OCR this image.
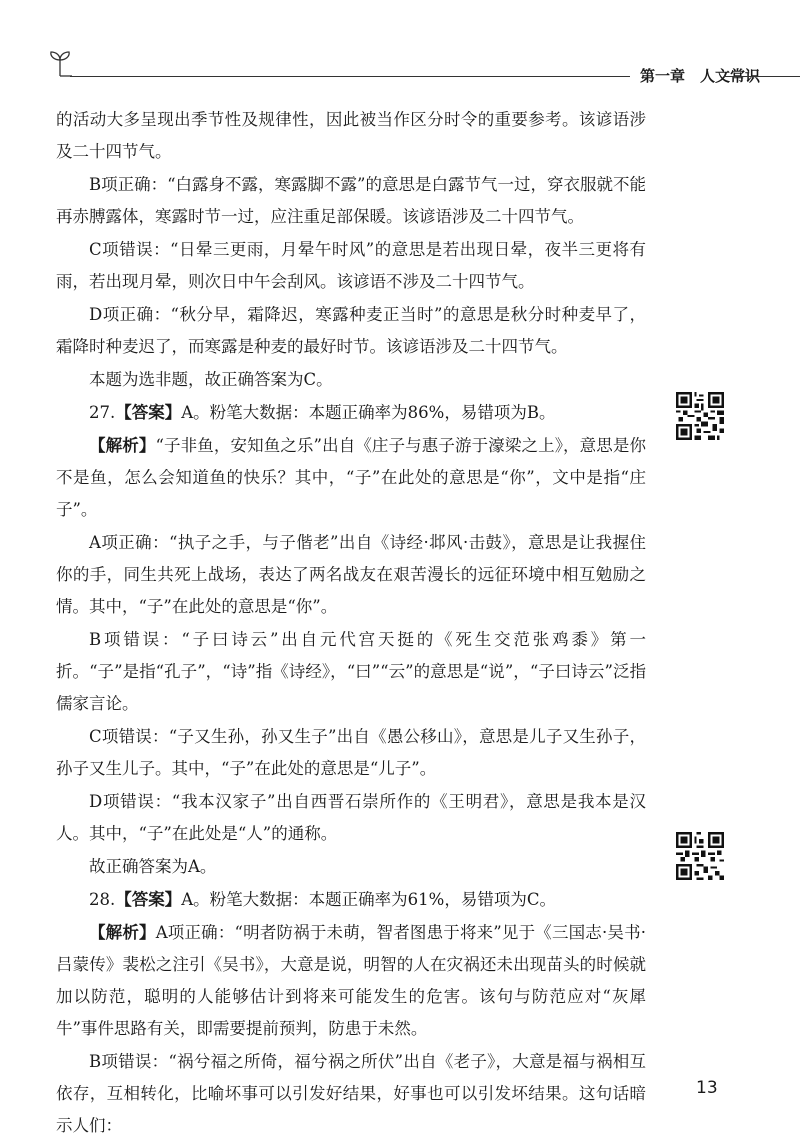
第一章　人文常识

的活动大多呈现出季节性及规律性，因此被当作区分时令的重要参考。该谚语涉及二十四节气。

B项正确：“白露身不露，寒露脚不露”的意思是白露节气一过，穿衣服就不能再赤膊露体，寒露时节一过，应注重足部保暖。该谚语涉及二十四节气。

C项错误：“日晕三更雨，月晕午时风”的意思是若出现日晕，夜半三更将有雨，若出现月晕，则次日中午会刮风。该谚语不涉及二十四节气。

D项正确：“秋分早，霜降迟，寒露种麦正当时”的意思是秋分时种麦早了，霜降时种麦迟了，而寒露是种麦的最好时节。该谚语涉及二十四节气。

本题为选非题，故正确答案为C。

27.【答案】A。粉笔大数据：本题正确率为86%，易错项为B。

【解析】“子非鱼，安知鱼之乐”出自《庄子与惠子游于濠梁之上》，意思是你不是鱼，怎么会知道鱼的快乐？其中，“子”在此处的意思是“你”，文中是指“庄子”。

A项正确：“执子之手，与子偕老”出自《诗经·邶风·击鼓》，意思是让我握住你的手，同生共死上战场，表达了两名战友在艰苦漫长的远征环境中相互勉励之情。其中，“子”在此处的意思是“你”。

B项错误：“子曰诗云”出自元代宫天挺的《死生交范张鸡黍》第一折。“子”是指“孔子”，“诗”指《诗经》，“曰”“云”的意思是“说”，“子曰诗云”泛指儒家言论。

C项错误：“子又生孙，孙又生子”出自《愚公移山》，意思是儿子又生孙子，孙子又生儿子。其中，“子”在此处的意思是“儿子”。

D项错误：“我本汉家子”出自西晋石崇所作的《王明君》，意思是我本是汉人。其中，“子”在此处是“人”的通称。

故正确答案为A。

28.【答案】A。粉笔大数据：本题正确率为61%，易错项为C。

【解析】A项正确：“明者防祸于未萌，智者图患于将来”见于《三国志·吴书·吕蒙传》裴松之注引《吴书》，大意是说，明智的人在灾祸还未出现苗头的时候就加以防范，聪明的人能够估计到将来可能发生的危害。该句与防范应对“灰犀牛”事件思路有关，即需要提前预判，防患于未然。

B项错误：“祸兮福之所倚，福兮祸之所伏”出自《老子》，大意是福与祸相互依存，互相转化，比喻坏事可以引发好结果，好事也可以引发坏结果。这句话暗示人们：

13
